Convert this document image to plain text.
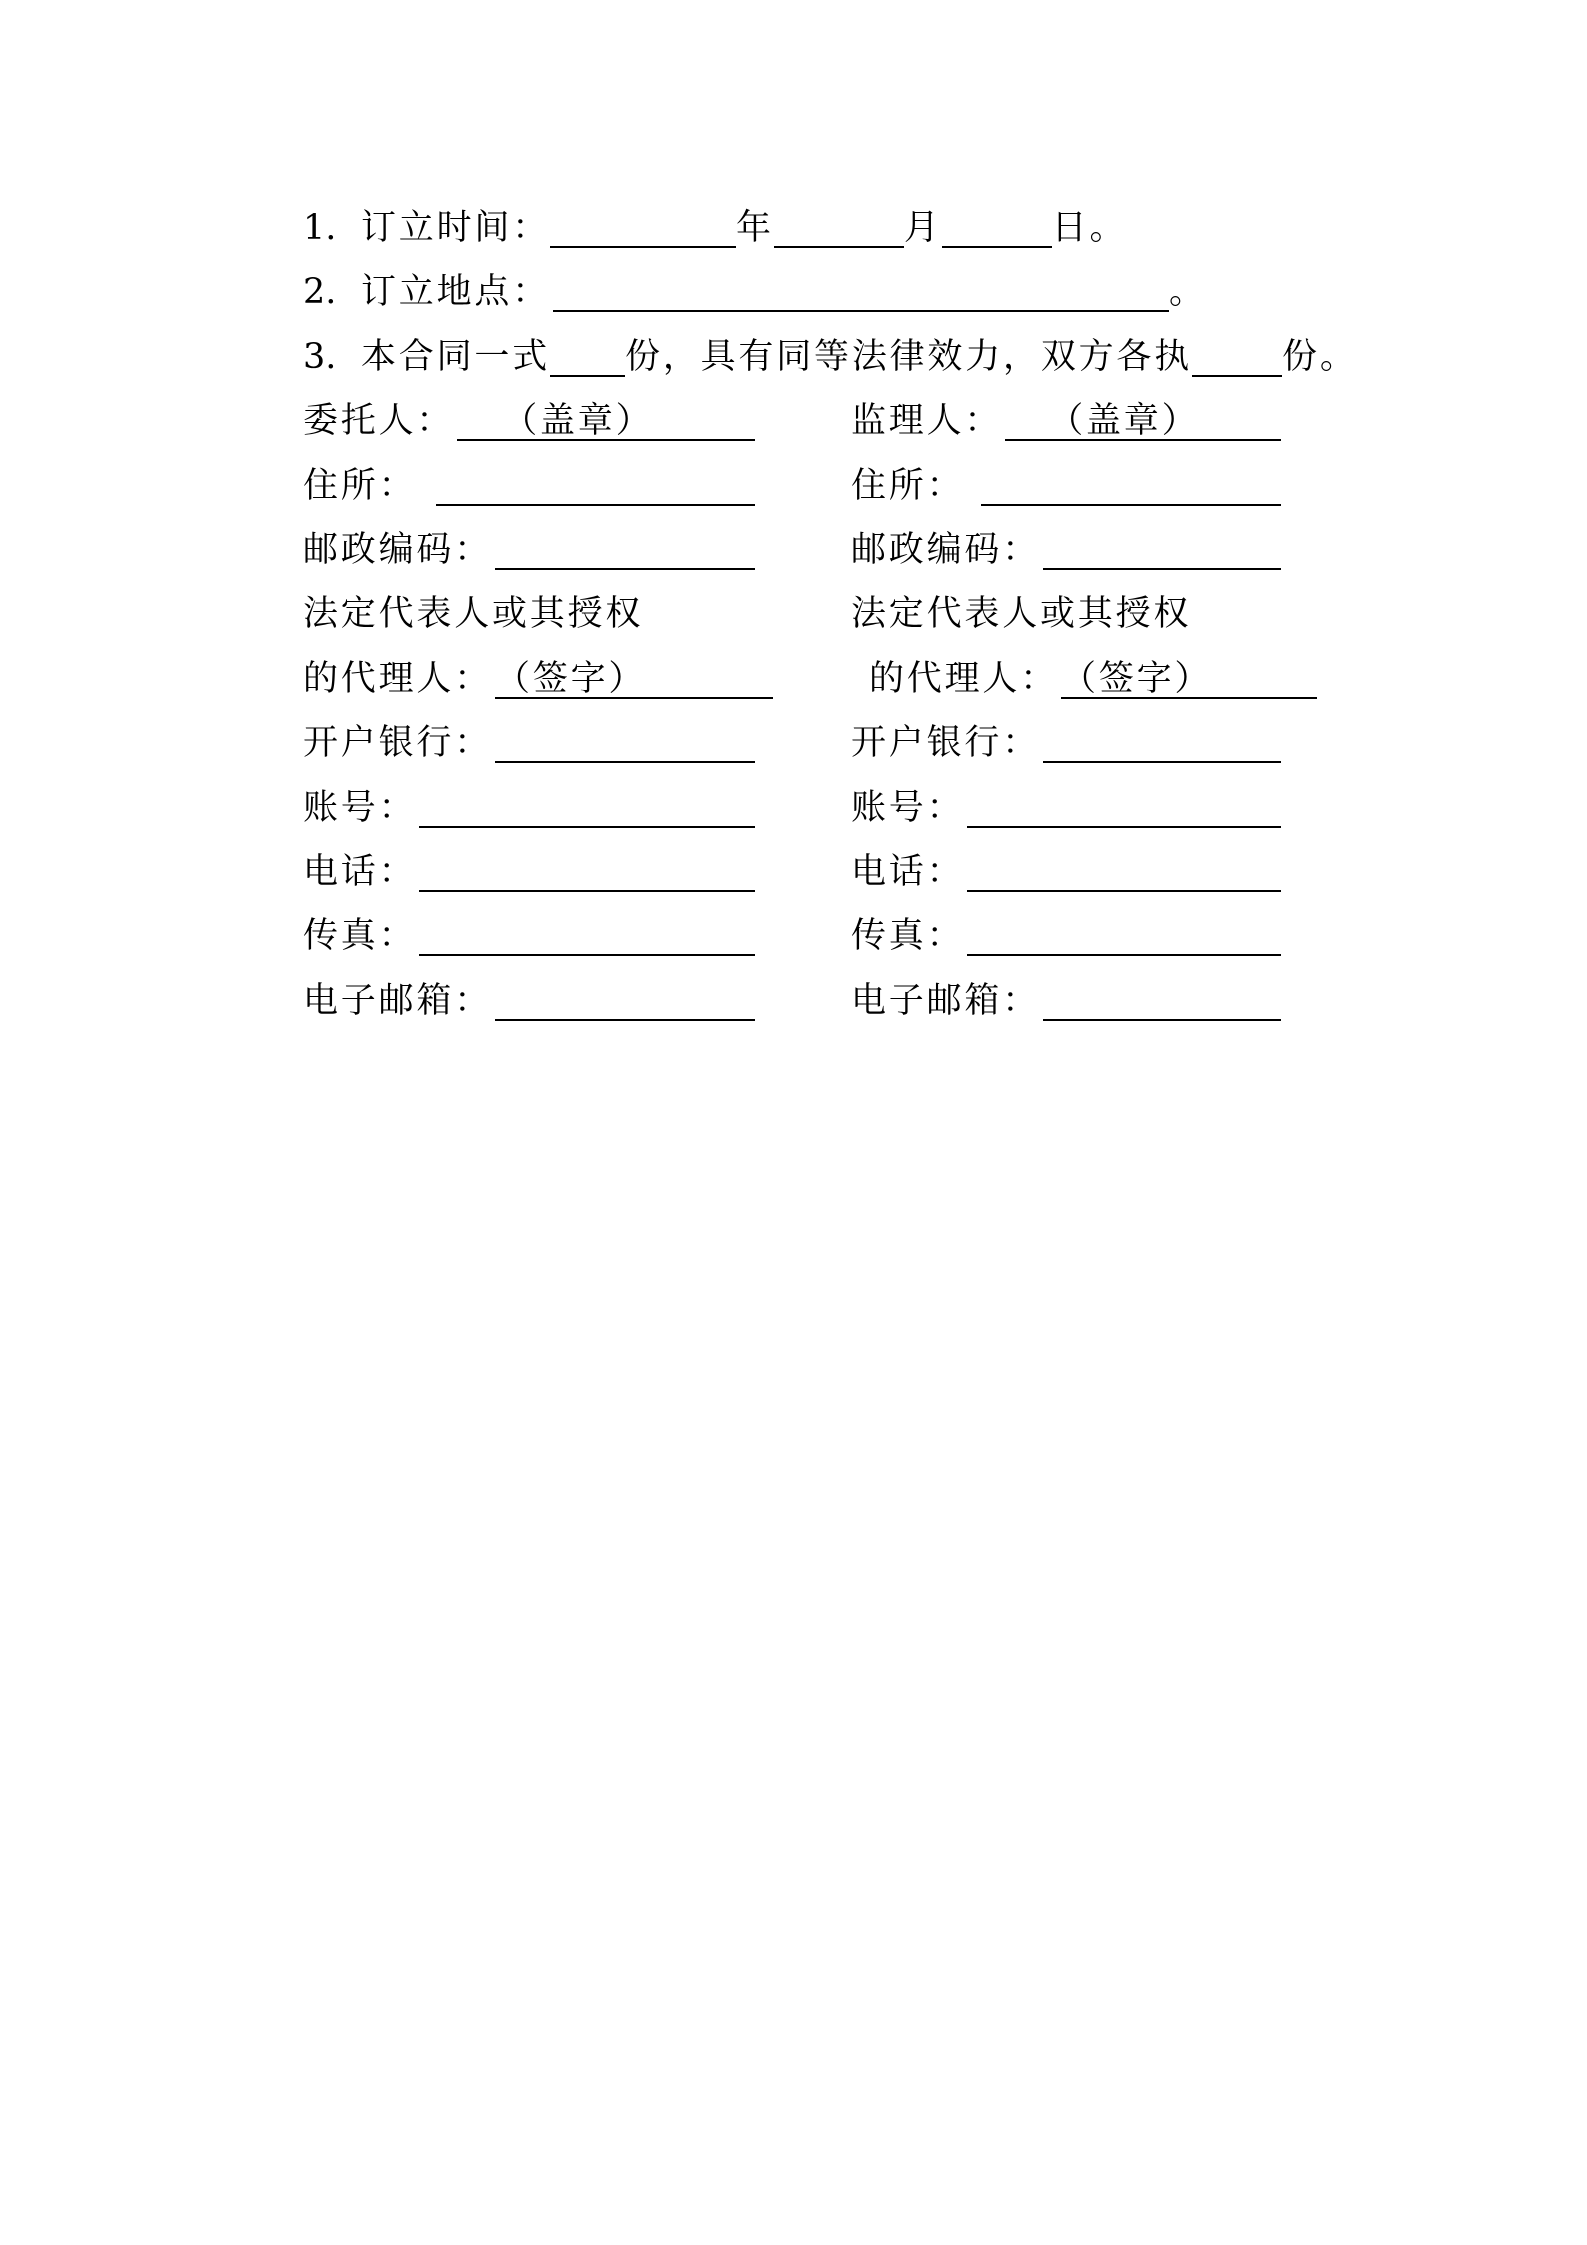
1. 订立时间：	年	月	日。
2. 订立地点：	。
3. 本合同一式 份，具有同等法律效力，双方各执	份。
委托人：	（盖章）	监理人：	（盖章）
住所：	住所：
邮政编码：	邮政编码：
法定代表人或其授权	法定代表人或其授权
的代理人： （签字）	的代理人： （签字）
开户银行：	开户银行：
账号：	账号：
电话：	电话：
传真：	传真：
电子邮箱：	电子邮箱：
